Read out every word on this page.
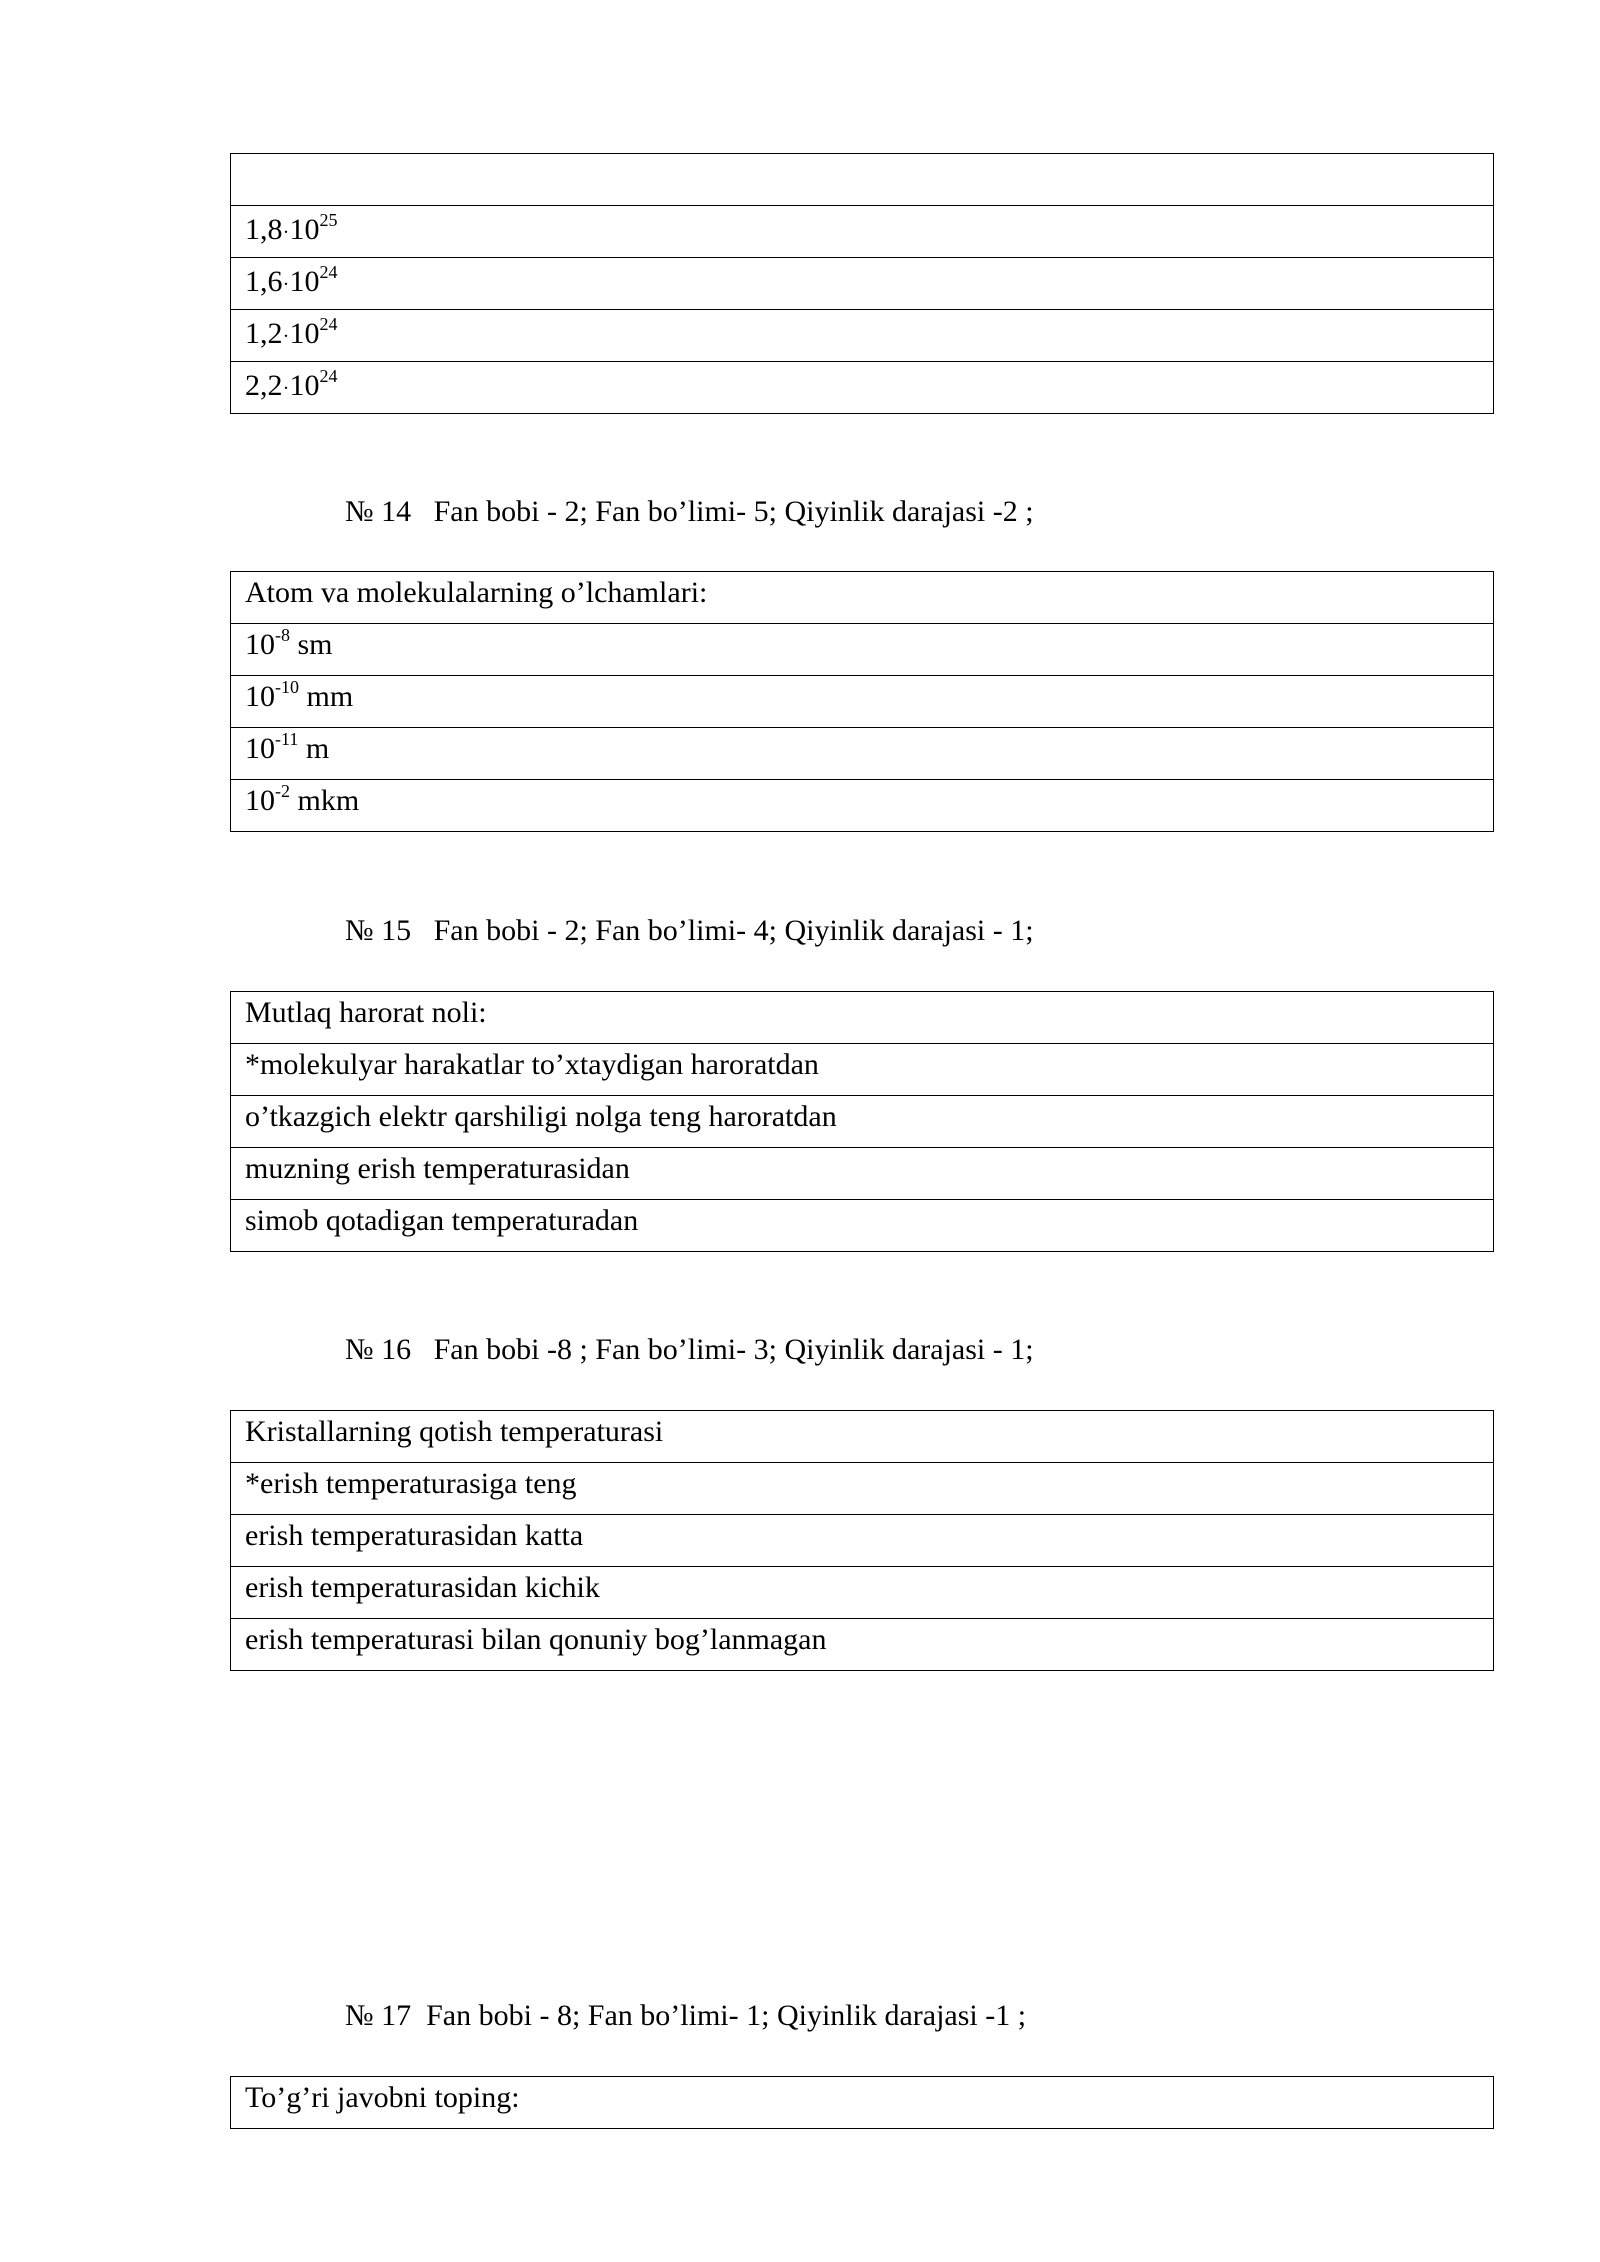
$1,8^.10^{25}$
$1,6^.10^{24}$
$1,2^.10^{24}$
$2,2^.10^{24}$
№ 14   Fan bobi - 2; Fan bo’limi- 5; Qiyinlik darajasi -2 ;
Atom va molekulalarning o’lchamlari:
$10^{-8}$ sm
$10^{-10}$ mm
$10^{-11}$ m
$10^{-2}$ mkm
№ 15   Fan bobi - 2; Fan bo’limi- 4; Qiyinlik darajasi - 1;
Mutlaq harorat noli:
*molekulyar harakatlar to’xtaydigan haroratdan
o’tkazgich elektr qarshiligi nolga teng haroratdan
muzning erish temperaturasidan
simob qotadigan temperaturadan
№ 16   Fan bobi -8 ; Fan bo’limi- 3; Qiyinlik darajasi - 1;
Kristallarning qotish temperaturasi
*erish temperaturasiga teng
erish temperaturasidan katta
erish temperaturasidan kichik
erish temperaturasi bilan qonuniy bog’lanmagan
№ 17  Fan bobi - 8; Fan bo’limi- 1; Qiyinlik darajasi -1 ;
To’g’ri javobni toping:
